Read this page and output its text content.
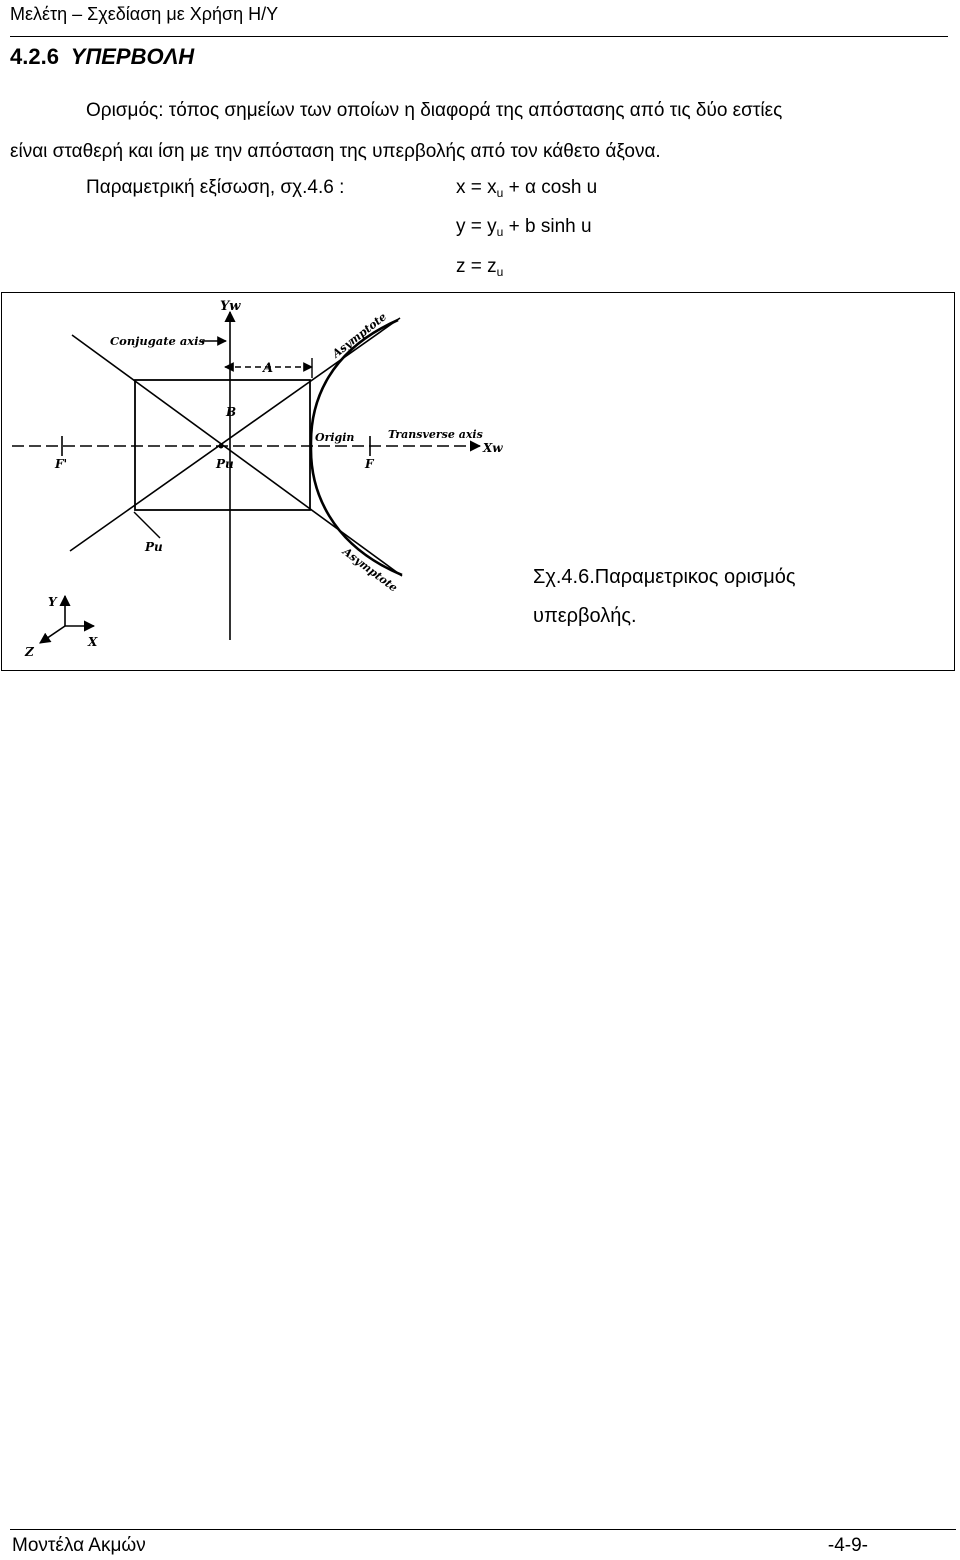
Μελέτη – Σχεδίαση με Χρήση Η/Υ
4.2.6 ΥΠΕΡΒΟΛΗ
Ορισμός: τόπος σημείων των οποίων η διαφορά της απόστασης από τις δύο εστίες
είναι σταθερή και ίση με την απόσταση της υπερβολής από τον κάθετο άξονα.
Παραμετρική εξίσωση, σχ.4.6 :	$x = x_u + \alpha$ cosh u
$y = y_u + b$ sinh u
$z = z_u$
Yw
Conjugate axis
A
B
Asymptote
Asymptote
Origin	Transverse axis
Xw
F'	F
Pu
Pu
Y
X
Z
Σχ.4.6.Παραμετρικος ορισμός
υπερβολής.
Μοντέλα Ακμών	-4-9-
